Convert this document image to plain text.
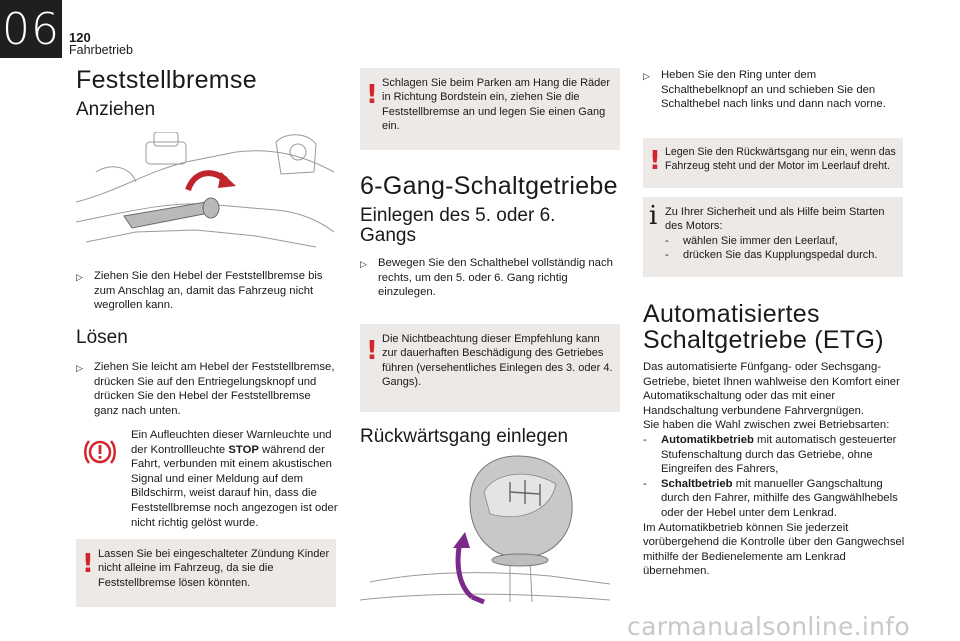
06 120
Fahrbetrieb
Feststellbremse
Anziehen
▷ Ziehen Sie den Hebel der Feststellbremse bis zum Anschlag an, damit das Fahrzeug nicht wegrollen kann.
Lösen
▷ Ziehen Sie leicht am Hebel der Feststellbremse, drücken Sie auf den Entriegelungsknopf und drücken Sie den Hebel der Feststellbremse ganz nach unten.
Ein Aufleuchten dieser Warnleuchte und der Kontrollleuchte STOP während der Fahrt, verbunden mit einem akustischen Signal und einer Meldung auf dem Bildschirm, weist darauf hin, dass die Feststellbremse noch angezogen ist oder nicht richtig gelöst wurde.
! Lassen Sie bei eingeschalteter Zündung Kinder nicht alleine im Fahrzeug, da sie die Feststellbremse lösen könnten.
! Schlagen Sie beim Parken am Hang die Räder in Richtung Bordstein ein, ziehen Sie die Feststellbremse an und legen Sie einen Gang ein.
6-Gang-Schaltgetriebe
Einlegen des 5. oder 6.
Gangs
▷ Bewegen Sie den Schalthebel vollständig nach rechts, um den 5. oder 6. Gang richtig einzulegen.
! Die Nichtbeachtung dieser Empfehlung kann zur dauerhaften Beschädigung des Getriebes führen (versehentliches Einlegen des 3. oder 4. Gangs).
Rückwärtsgang einlegen
▷ Heben Sie den Ring unter dem Schalthebelknopf an und schieben Sie den Schalthebel nach links und dann nach vorne.
! Legen Sie den Rückwärtsgang nur ein, wenn das Fahrzeug steht und der Motor im Leerlauf dreht.
i Zu Ihrer Sicherheit und als Hilfe beim Starten des Motors:
-	wählen Sie immer den Leerlauf,
-	drücken Sie das Kupplungspedal durch.
Automatisiertes
Schaltgetriebe (ETG)
Das automatisierte Fünfgang- oder Sechsgang-Getriebe, bietet Ihnen wahlweise den Komfort einer Automatikschaltung oder das mit einer Handschaltung verbundene Fahrvergnügen.
Sie haben die Wahl zwischen zwei Betriebsarten:
-	Automatikbetrieb mit automatisch gesteuerter Stufenschaltung durch das Getriebe, ohne Eingreifen des Fahrers,
-	Schaltbetrieb mit manueller Gangschaltung durch den Fahrer, mithilfe des Gangwählhebels oder der Hebel unter dem Lenkrad.
Im Automatikbetrieb können Sie jederzeit vorübergehend die Kontrolle über den Gangwechsel mithilfe der Bedienelemente am Lenkrad übernehmen.
carmanualsonline.info
